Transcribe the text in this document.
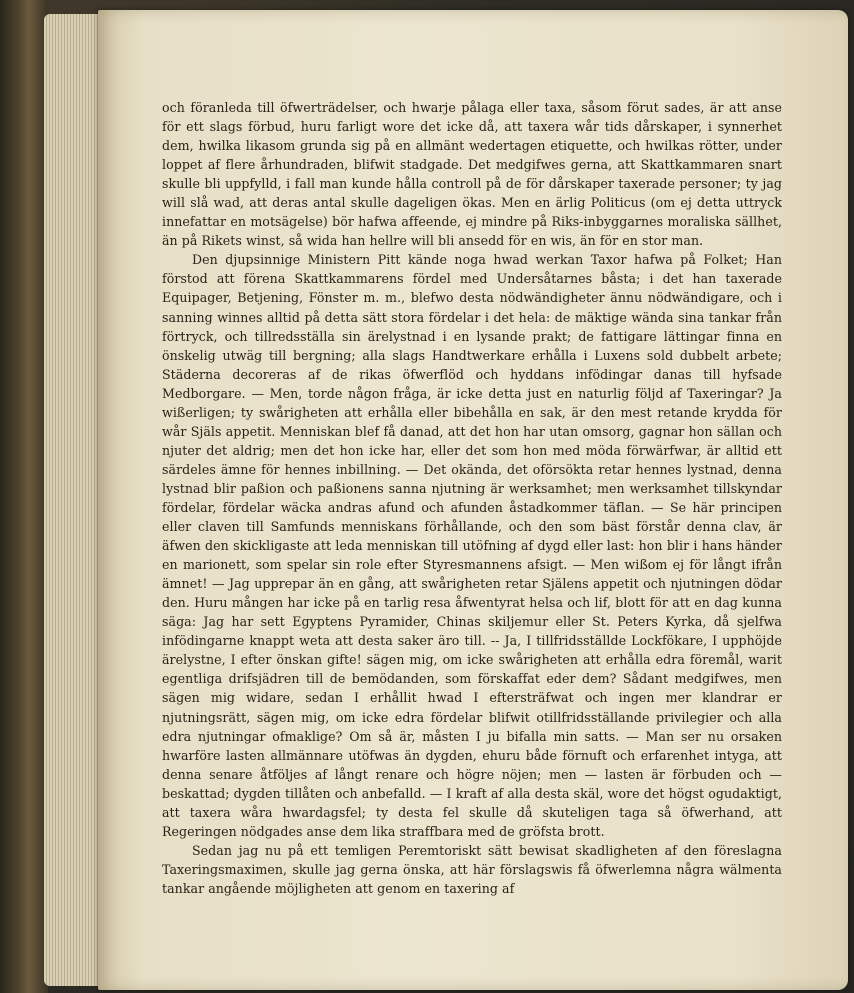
och föranleda till öfwerträdelser, och hwarje pålaga eller taxa, såsom förut sades, är att anse för ett slags förbud, huru farligt wore det icke då, att taxera wår tids dårskaper, i synnerhet dem, hwilka likasom grunda sig på en allmänt wedertagen etiquette, och hwilkas rötter, under loppet af flere århundraden, blifwit stadgade. Det medgifwes gerna, att Skattkammaren snart skulle bli uppfylld, i fall man kunde hålla controll på de för dårskaper taxerade personer; ty jag will slå wad, att deras antal skulle dageligen ökas. Men en ärlig Politicus (om ej detta uttryck innefattar en motsägelse) bör hafwa affeende, ej mindre på Riks-inbyggarnes moraliska sällhet, än på Rikets winst, så wida han hellre will bli ansedd för en wis, än för en stor man.

Den djupsinnige Ministern Pitt kände noga hwad werkan Taxor hafwa på Folket; Han förstod att förena Skattkammarens fördel med Undersåtarnes båsta; i det han taxerade Equipager, Betjening, Fönster m. m., blefwo desta nödwändigheter ännu nödwändigare, och i sanning winnes alltid på detta sätt stora fördelar i det hela: de mäktige wända sina tankar från förtryck, och tillredsställa sin ärelystnad i en lysande prakt; de fattigare lättingar finna en önskelig utwäg till bergning; alla slags Handtwerkare erhålla i Luxens sold dubbelt arbete; Städerna decoreras af de rikas öfwerflöd och hyddans infödingar danas till hyfsade Medborgare. — Men, torde någon fråga, är icke detta just en naturlig följd af Taxeringar? Ja wißerligen; ty swårigheten att erhålla eller bibehålla en sak, är den mest retande krydda för wår Själs appetit. Menniskan blef få danad, att det hon har utan omsorg, gagnar hon sällan och njuter det aldrig; men det hon icke har, eller det som hon med möda förwärfwar, är alltid ett särdeles ämne för hennes inbillning. — Det okända, det oförsökta retar hennes lystnad, denna lystnad blir paßion och paßionens sanna njutning är werksamhet; men werksamhet tillskyndar fördelar, fördelar wäcka andras afund och afunden åstadkommer täflan. — Se här principen eller claven till Samfunds menniskans förhållande, och den som bäst förstår denna clav, är äfwen den skickligaste att leda menniskan till utöfning af dygd eller last: hon blir i hans händer en marionett, som spelar sin role efter Styresmannens afsigt. — Men wißom ej för långt ifrån ämnet! — Jag upprepar än en gång, att swårigheten retar Själens appetit och njutningen dödar den. Huru mången har icke på en tarlig resa åfwentyrat helsa och lif, blott för att en dag kunna säga: Jag har sett Egyptens Pyramider, Chinas skiljemur eller St. Peters Kyrka, då sjelfwa infödingarne knappt weta att desta saker äro till. -- Ja, I tillfridsställde Lockfökare, I upphöjde ärelystne, I efter önskan gifte! sägen mig, om icke swårigheten att erhålla edra föremål, warit egentliga drifsjädren till de bemödanden, som förskaffat eder dem? Sådant medgifwes, men sägen mig widare, sedan I erhållit hwad I eftersträfwat och ingen mer klandrar er njutningsrätt, sägen mig, om icke edra fördelar blifwit otillfridsställande privilegier och alla edra njutningar ofmaklige? Om så är, måsten I ju bifalla min satts. — Man ser nu orsaken hwarföre lasten allmännare utöfwas än dygden, ehuru både förnuft och erfarenhet intyga, att denna senare åtföljes af långt renare och högre nöjen; men — lasten är förbuden och — beskattad; dygden tillåten och anbefalld. — I kraft af alla desta skäl, wore det högst ogudaktigt, att taxera wåra hwardagsfel; ty desta fel skulle då skuteligen taga så öfwerhand, att Regeringen nödgades anse dem lika straffbara med de gröfsta brott.

Sedan jag nu på ett temligen Peremtoriskt sätt bewisat skadligheten af den föreslagna Taxeringsmaximen, skulle jag gerna önska, att här förslagswis få öfwerlemna några wälmenta tankar angående möjligheten att genom en taxering af
